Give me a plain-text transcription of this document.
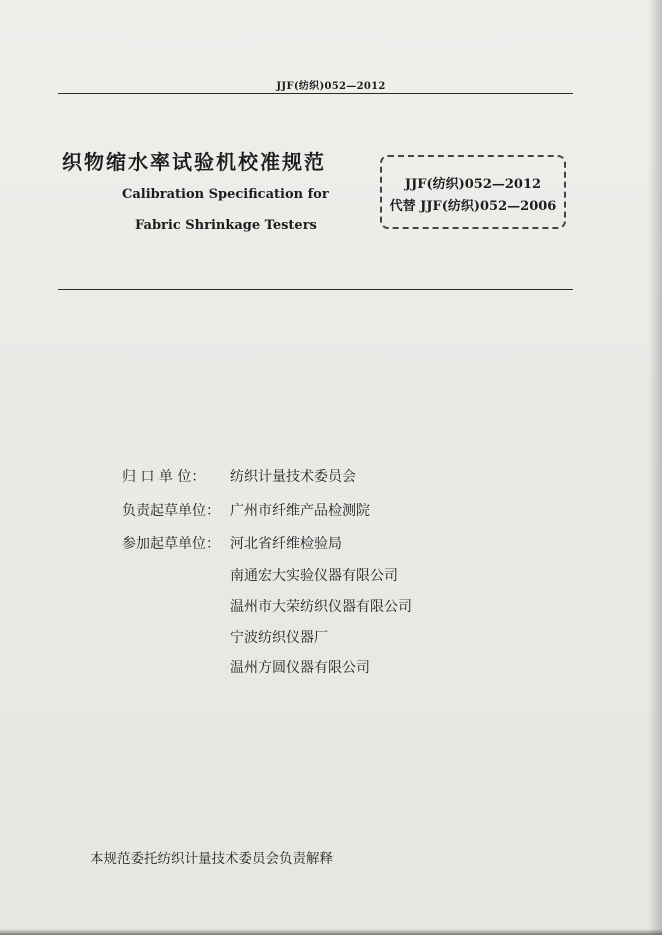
JJF(纺织)052—2012
织物缩水率试验机校准规范
Calibration Specification for
Fabric Shrinkage Testers
JJF(纺织)052—2012
代替 JJF(纺织)052—2006
归 口 单 位： 纺织计量技术委员会
负责起草单位： 广州市纤维产品检测院
参加起草单位： 河北省纤维检验局
南通宏大实验仪器有限公司
温州市大荣纺织仪器有限公司
宁波纺织仪器厂
温州方圆仪器有限公司
本规范委托纺织计量技术委员会负责解释
